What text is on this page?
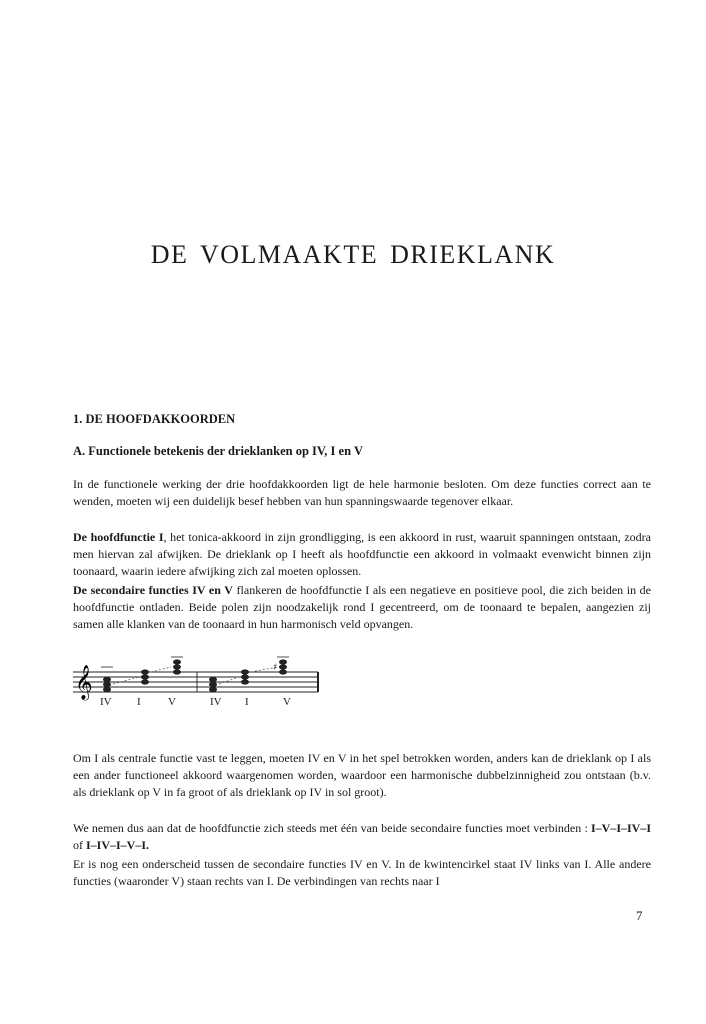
DE VOLMAAKTE DRIEKLANK
1. DE HOOFDAKKOORDEN
A. Functionele betekenis der drieklanken op IV, I en V

In de functionele werking der drie hoofdakkoorden ligt de hele harmonie besloten. Om deze functies correct aan te wenden, moeten wij een duidelijk besef hebben van hun spanningswaarde tegenover elkaar.

De hoofdfunctie I, het tonica-akkoord in zijn grondligging, is een akkoord in rust, waaruit spanningen ontstaan, zodra men hiervan zal afwijken. De drieklank op I heeft als hoofdfunctie een akkoord in volmaakt evenwicht binnen zijn toonaard, waarin iedere afwijking zich zal moeten oplossen.

De secondaire functies IV en V flankeren de hoofdfunctie I als een negatieve en positieve pool, die zich beiden in de hoofdfunctie ontladen. Beide polen zijn noodzakelijk rond I gecentreerd, om de toonaard te bepalen, aangezien zij samen alle klanken van de toonaard in hun harmonisch veld opvangen.

𝄞	♯
IV I V	IV I	V

Om I als centrale functie vast te leggen, moeten IV en V in het spel betrokken worden, anders kan de drieklank op I als een ander functioneel akkoord waargenomen worden, waardoor een harmonische dubbelzinnigheid zou ontstaan (b.v. als drieklank op V in fa groot of als drieklank op IV in sol groot).

We nemen dus aan dat de hoofdfunctie zich steeds met één van beide secondaire functies moet verbinden : I–V–I–IV–I of I–IV–I–V–I.

Er is nog een onderscheid tussen de secondaire functies IV en V. In de kwintencirkel staat IV links van I. Alle andere functies (waaronder V) staan rechts van I. De verbindingen van rechts naar I

7
